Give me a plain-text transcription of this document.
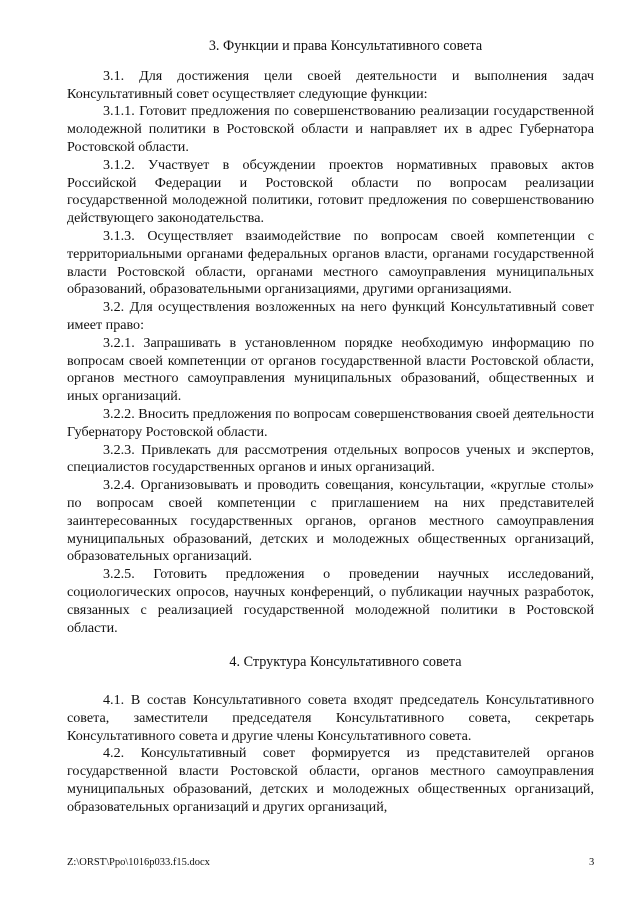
3. Функции и права Консультативного совета

3.1. Для достижения цели своей деятельности и выполнения задач Консультативный совет осуществляет следующие функции:

3.1.1. Готовит предложения по совершенствованию реализации государственной молодежной политики в Ростовской области и направляет их в адрес Губернатора Ростовской области.

3.1.2. Участвует в обсуждении проектов нормативных правовых актов Российской Федерации и Ростовской области по вопросам реализации государственной молодежной политики, готовит предложения по совершенствованию действующего законодательства.

3.1.3. Осуществляет взаимодействие по вопросам своей компетенции с территориальными органами федеральных органов власти, органами государственной власти Ростовской области, органами местного самоуправления муниципальных образований, образовательными организациями, другими организациями.

3.2. Для осуществления возложенных на него функций Консультативный совет имеет право:

3.2.1. Запрашивать в установленном порядке необходимую информацию по вопросам своей компетенции от органов государственной власти Ростовской области, органов местного самоуправления муниципальных образований, общественных и иных организаций.

3.2.2. Вносить предложения по вопросам совершенствования своей деятельности Губернатору Ростовской области.

3.2.3. Привлекать для рассмотрения отдельных вопросов ученых и экспертов, специалистов государственных органов и иных организаций.

3.2.4. Организовывать и проводить совещания, консультации, «круглые столы» по вопросам своей компетенции с приглашением на них представителей заинтересованных государственных органов, органов местного самоуправления муниципальных образований, детских и молодежных общественных организаций, образовательных организаций.

3.2.5. Готовить предложения о проведении научных исследований, социологических опросов, научных конференций, о публикации научных разработок, связанных с реализацией государственной молодежной политики в Ростовской области.

4. Структура Консультативного совета

4.1. В состав Консультативного совета входят председатель Консультативного совета, заместители председателя Консультативного совета, секретарь Консультативного совета и другие члены Консультативного совета.

4.2. Консультативный совет формируется из представителей органов государственной власти Ростовской области, органов местного самоуправления муниципальных образований, детских и молодежных общественных организаций, образовательных организаций и других организаций,

Z:\ORST\Ppo\1016p033.f15.docx	3
